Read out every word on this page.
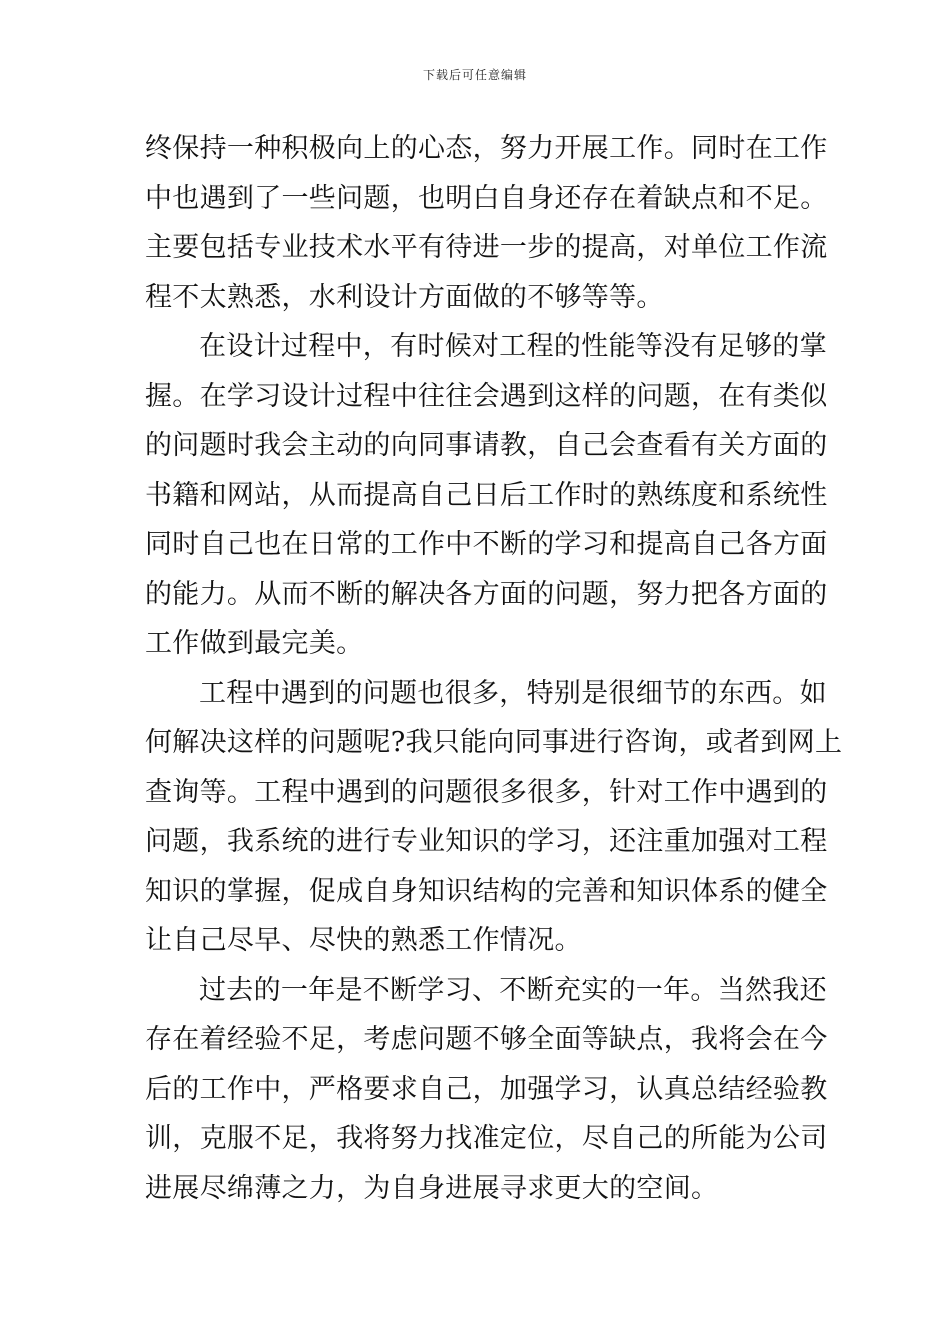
下载后可任意编辑
终保持一种积极向上的心态，努力开展工作。同时在工作
中也遇到了一些问题，也明白自身还存在着缺点和不足。
主要包括专业技术水平有待进一步的提高，对单位工作流
程不太熟悉，水利设计方面做的不够等等。
在设计过程中，有时候对工程的性能等没有足够的掌
握。在学习设计过程中往往会遇到这样的问题，在有类似
的问题时我会主动的向同事请教，自己会查看有关方面的
书籍和网站，从而提高自己日后工作时的熟练度和系统性
同时自己也在日常的工作中不断的学习和提高自己各方面
的能力。从而不断的解决各方面的问题，努力把各方面的
工作做到最完美。
工程中遇到的问题也很多，特别是很细节的东西。如
何解决这样的问题呢?我只能向同事进行咨询，或者到网上
查询等。工程中遇到的问题很多很多，针对工作中遇到的
问题，我系统的进行专业知识的学习，还注重加强对工程
知识的掌握，促成自身知识结构的完善和知识体系的健全
让自己尽早、尽快的熟悉工作情况。
过去的一年是不断学习、不断充实的一年。当然我还
存在着经验不足，考虑问题不够全面等缺点，我将会在今
后的工作中，严格要求自己，加强学习，认真总结经验教
训，克服不足，我将努力找准定位，尽自己的所能为公司
进展尽绵薄之力，为自身进展寻求更大的空间。
